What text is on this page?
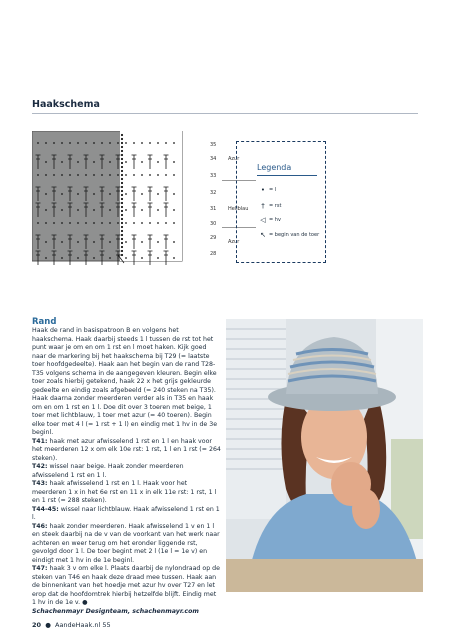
Haakschema
35
34
33
32
31
30
29
28
Azur
Hellblau
Azur
Legenda
• = l
† = rst
◁ = hv
↖ = begin van de toer
Rand

Haak de rand in basispatroon B en volgens het haakschema. Haak daarbij steeds 1 l tussen de rst tot het punt waar je om en om 1 rst en l moet haken. Kijk goed naar de markering bij het haakschema bij T29 (= laatste toer hoofdgedeelte). Haak aan het begin van de rand T28-T35 volgens schema in de aangegeven kleuren. Begin elke toer zoals hierbij getekend, haak 22 x het grijs gekleurde gedeelte en eindig zoals afgebeeld (= 240 steken na T35). Haak daarna zonder meerderen verder als in T35 en haak om en om 1 rst en 1 l. Doe dit over 3 toeren met beige, 1 toer met lichtblauw, 1 toer met azur (= 40 toeren). Begin elke toer met 4 l (= 1 rst + 1 l) en eindig met 1 hv in de 3e beginl.

T41: haak met azur afwisselend 1 rst en 1 l en haak voor het meerderen 12 x om elk 10e rst: 1 rst, 1 l en 1 rst (= 264 steken).

T42: wissel naar beige. Haak zonder meerderen afwisselend 1 rst en 1 l.

T43: haak afwisselend 1 rst en 1 l. Haak voor het meerderen 1 x in het 6e rst en 11 x in elk 11e rst: 1 rst, 1 l en 1 rst (= 288 steken).

T44-45: wissel naar lichtblauw. Haak afwisselend 1 rst en 1 l.

T46: haak zonder meerderen. Haak afwisselend 1 v en 1 l en steek daarbij na de v van de voorkant van het werk naar achteren en weer terug om het eronder liggende rst, gevolgd door 1 l. De toer begint met 2 l (1e l = 1e v) en eindigt met 1 hv in de 1e beginl.

T47: haak 3 v om elke l. Plaats daarbij de nylondraad op de steken van T46 en haak deze draad mee tussen. Haak aan de binnenkant van het hoedje met azur hv over T27 en let erop dat de hoofdomtrek hierbij hetzelfde blijft. Eindig met 1 hv in de 1e v. ●

Schachenmayr Designteam, schachenmayr.com

20 ● AandeHaak.nl 55
